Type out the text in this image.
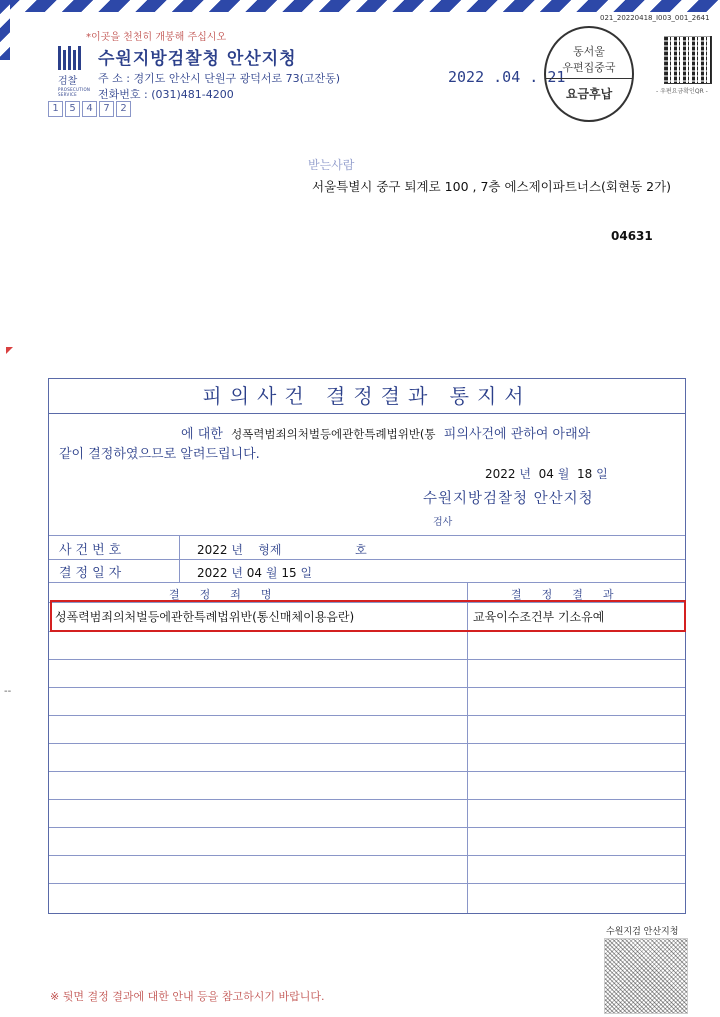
*이곳을 천천히 개봉해 주십시오
검찰
PROSECUTION SERVICE
수원지방검찰청 안산지청
주 소 : 경기도 안산시 단원구 광덕서로 73(고잔동)
전화번호 : (031)481-4200
1	5	4	7	2
2022 .04 . 21
동서울
우편집중국
요금후납
021_20220418_I003_001_2641
- 우편요금확인QR -
받는사람
서울특별시 중구 퇴계로 100 , 7층 에스제이파트너스(회현동 2가)
04631
--
피의사건 결정결과 통지서
에 대한 성폭력범죄의처벌등에관한특례법위반(통 피의사건에 관하여 아래와
같이 결정하였으므로 알려드립니다.
2022 년 04 월 18 일
수원지방검찰청 안산지청
검사
사건번호	2022 년 형제	호
결정일자	2022 년 04 월 15 일
결정죄명	결정결과
성폭력범죄의처벌등에관한특례법위반(통신매체이용음란)	교육이수조건부 기소유예
※ 뒷면 결정 결과에 대한 안내 등을 참고하시기 바랍니다.
수원지검 안산지청
